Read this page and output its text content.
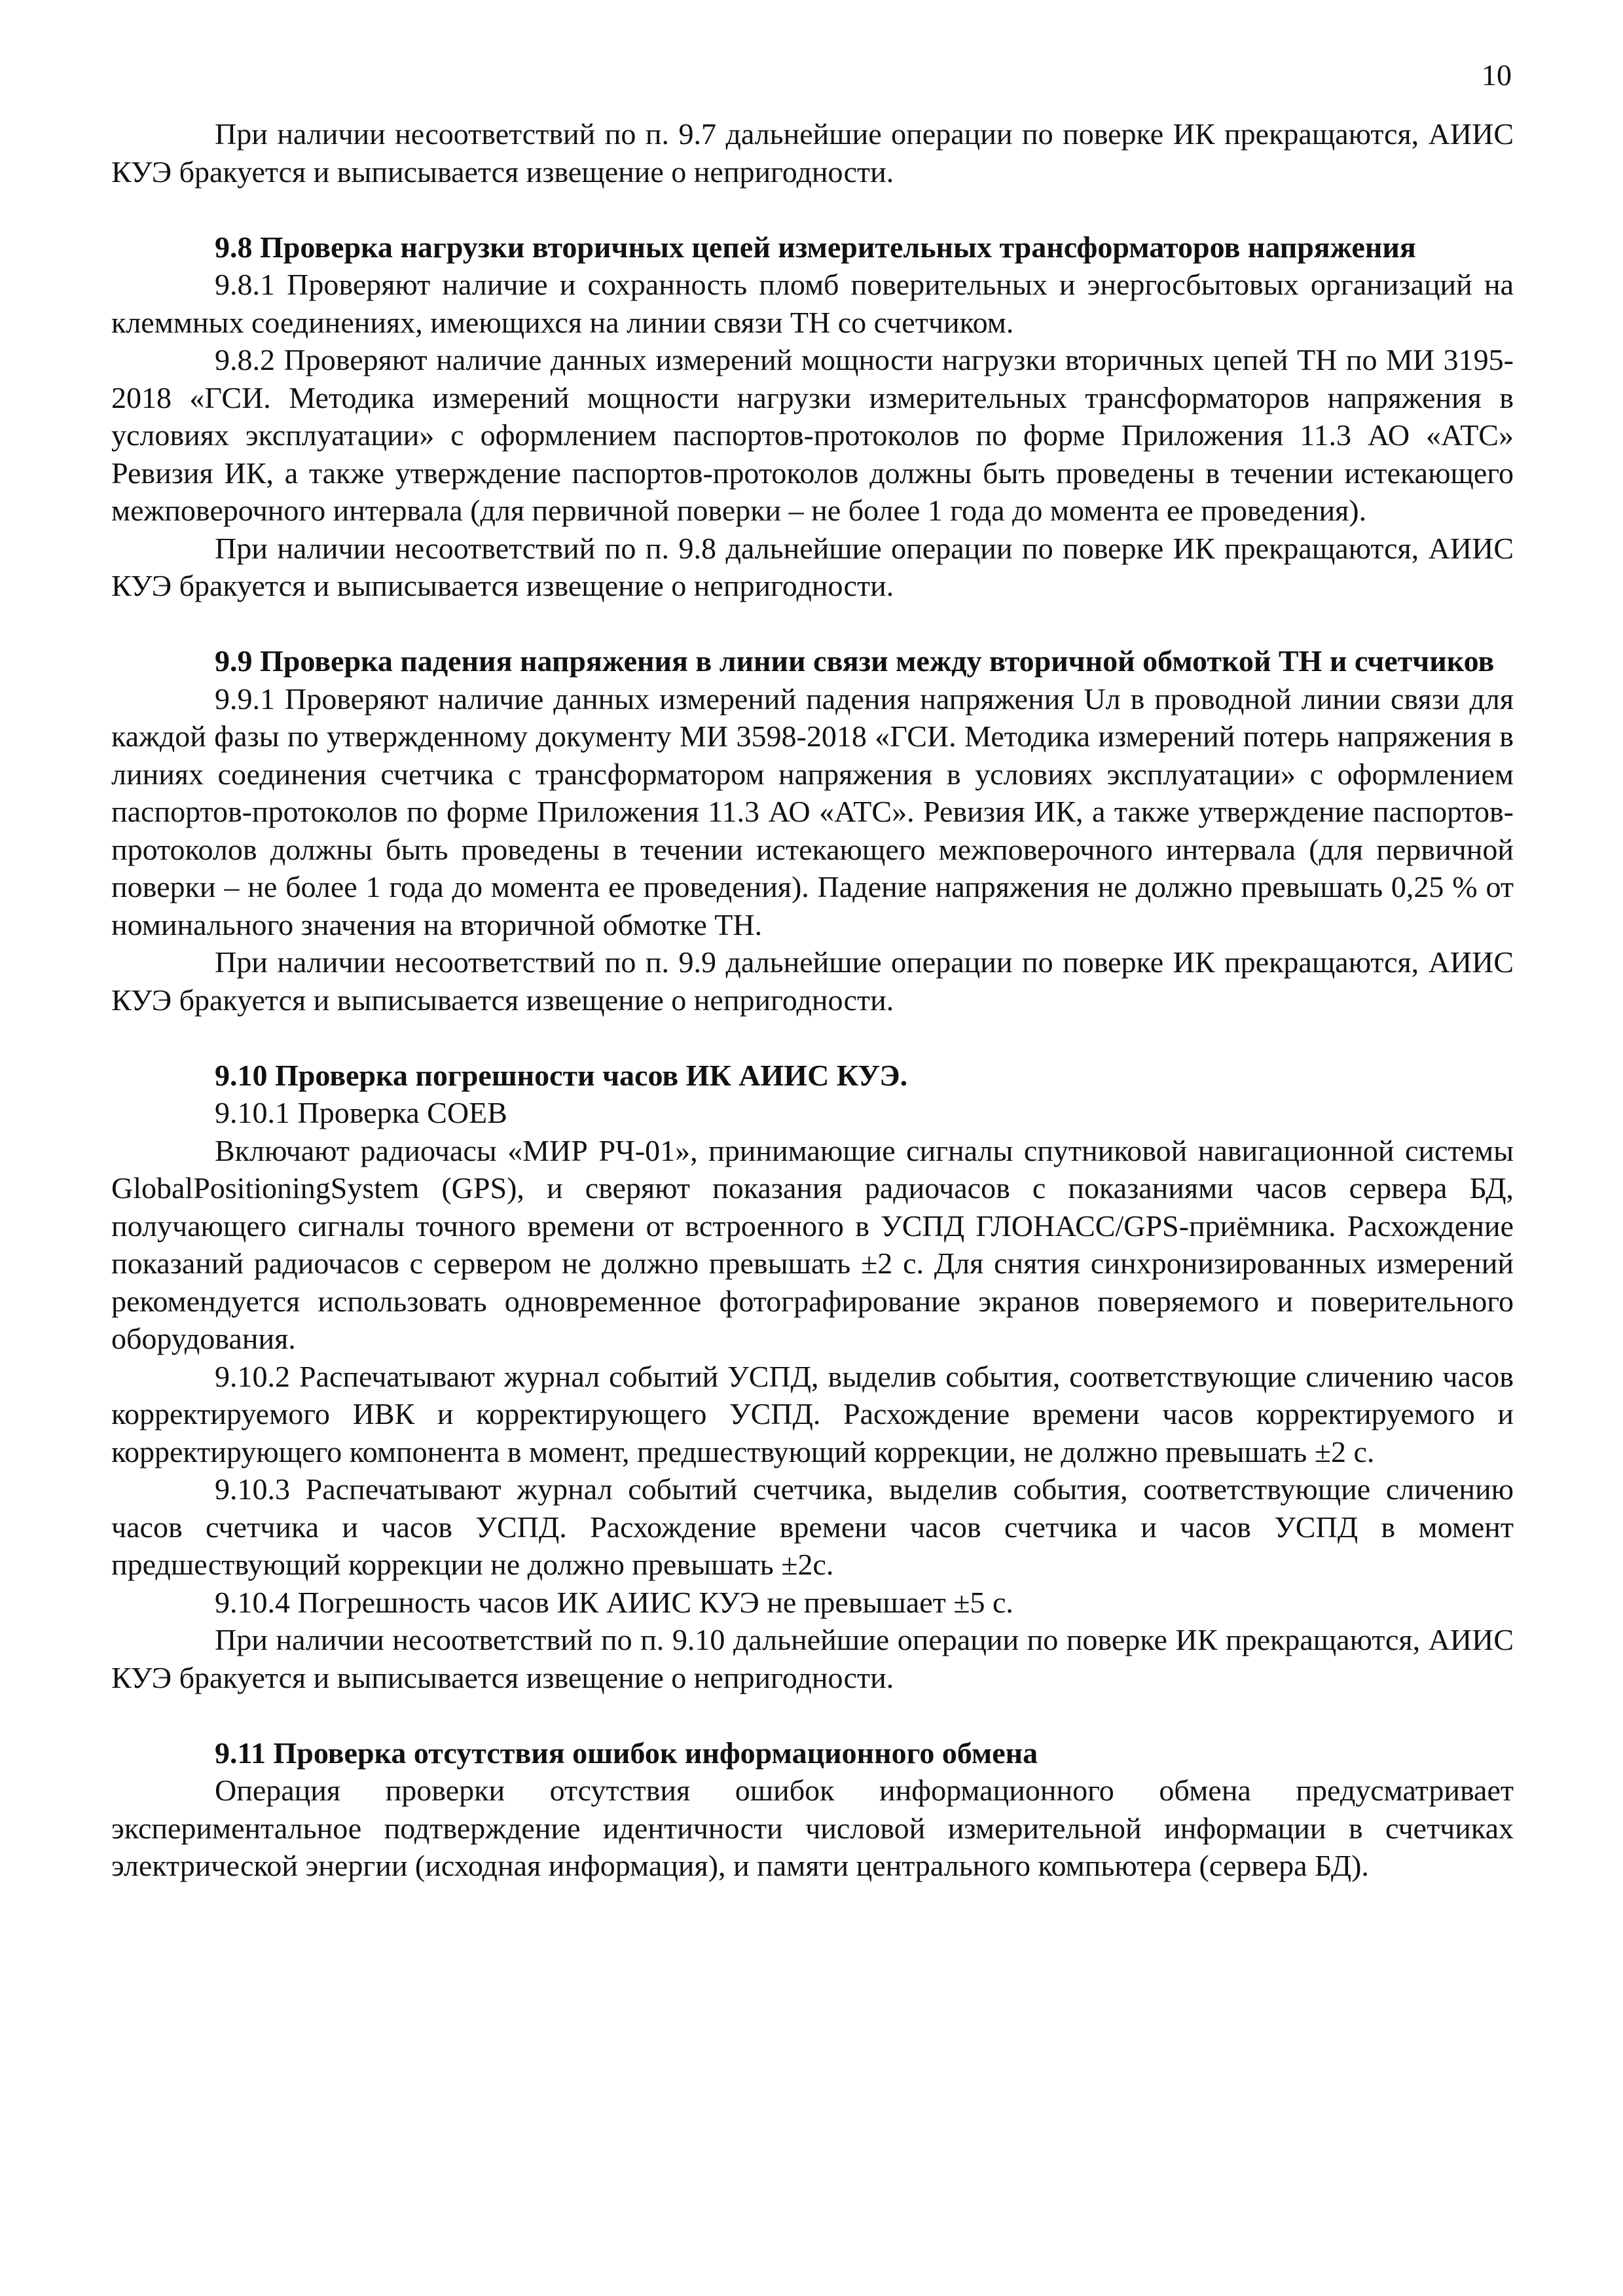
10

При наличии несоответствий по п. 9.7 дальнейшие операции по поверке ИК прекращаются, АИИС КУЭ бракуется и выписывается извещение о непригодности.

9.8 Проверка нагрузки вторичных цепей измерительных трансформаторов напряжения

9.8.1 Проверяют наличие и сохранность пломб поверительных и энергосбытовых организаций на клеммных соединениях, имеющихся на линии связи ТН со счетчиком.

9.8.2 Проверяют наличие данных измерений мощности нагрузки вторичных цепей ТН по МИ 3195-2018 «ГСИ. Методика измерений мощности нагрузки измерительных трансформаторов напряжения в условиях эксплуатации» с оформлением паспортов-протоколов по форме Приложения 11.3 АО «АТС» Ревизия ИК, а также утверждение паспортов-протоколов должны быть проведены в течении истекающего межповерочного интервала (для первичной поверки – не более 1 года до момента ее проведения).

При наличии несоответствий по п. 9.8 дальнейшие операции по поверке ИК прекращаются, АИИС КУЭ бракуется и выписывается извещение о непригодности.

9.9 Проверка падения напряжения в линии связи между вторичной обмоткой ТН и счетчиков

9.9.1 Проверяют наличие данных измерений падения напряжения Uл в проводной линии связи для каждой фазы по утвержденному документу МИ 3598-2018 «ГСИ. Методика измерений потерь напряжения в линиях соединения счетчика с трансформатором напряжения в условиях эксплуатации» с оформлением паспортов-протоколов по форме Приложения 11.3 АО «АТС». Ревизия ИК, а также утверждение паспортов-протоколов должны быть проведены в течении истекающего межповерочного интервала (для первичной поверки – не более 1 года до момента ее проведения). Падение напряжения не должно превышать 0,25 % от номинального значения на вторичной обмотке ТН.

При наличии несоответствий по п. 9.9 дальнейшие операции по поверке ИК прекращаются, АИИС КУЭ бракуется и выписывается извещение о непригодности.

9.10 Проверка погрешности часов ИК АИИС КУЭ.

9.10.1 Проверка СОЕВ

Включают радиочасы «МИР РЧ-01», принимающие сигналы спутниковой навигационной системы GlobalPositioningSystem (GPS), и сверяют показания радиочасов с показаниями часов сервера БД, получающего сигналы точного времени от встроенного в УСПД ГЛОНАСС/GPS-приёмника. Расхождение показаний радиочасов с сервером не должно превышать ±2 с. Для снятия синхронизированных измерений рекомендуется использовать одновременное фотографирование экранов поверяемого и поверительного оборудования.

9.10.2 Распечатывают журнал событий УСПД, выделив события, соответствующие сличению часов корректируемого ИВК и корректирующего УСПД. Расхождение времени часов корректируемого и корректирующего компонента в момент, предшествующий коррекции, не должно превышать ±2 с.

9.10.3 Распечатывают журнал событий счетчика, выделив события, соответствующие сличению часов счетчика и часов УСПД. Расхождение времени часов счетчика и часов УСПД в момент предшествующий коррекции не должно превышать ±2с.

9.10.4 Погрешность часов ИК АИИС КУЭ не превышает ±5 с.

При наличии несоответствий по п. 9.10 дальнейшие операции по поверке ИК прекращаются, АИИС КУЭ бракуется и выписывается извещение о непригодности.

9.11 Проверка отсутствия ошибок информационного обмена

Операция проверки отсутствия ошибок информационного обмена предусматривает экспериментальное подтверждение идентичности числовой измерительной информации в счетчиках электрической энергии (исходная информация), и памяти центрального компьютера (сервера БД).
